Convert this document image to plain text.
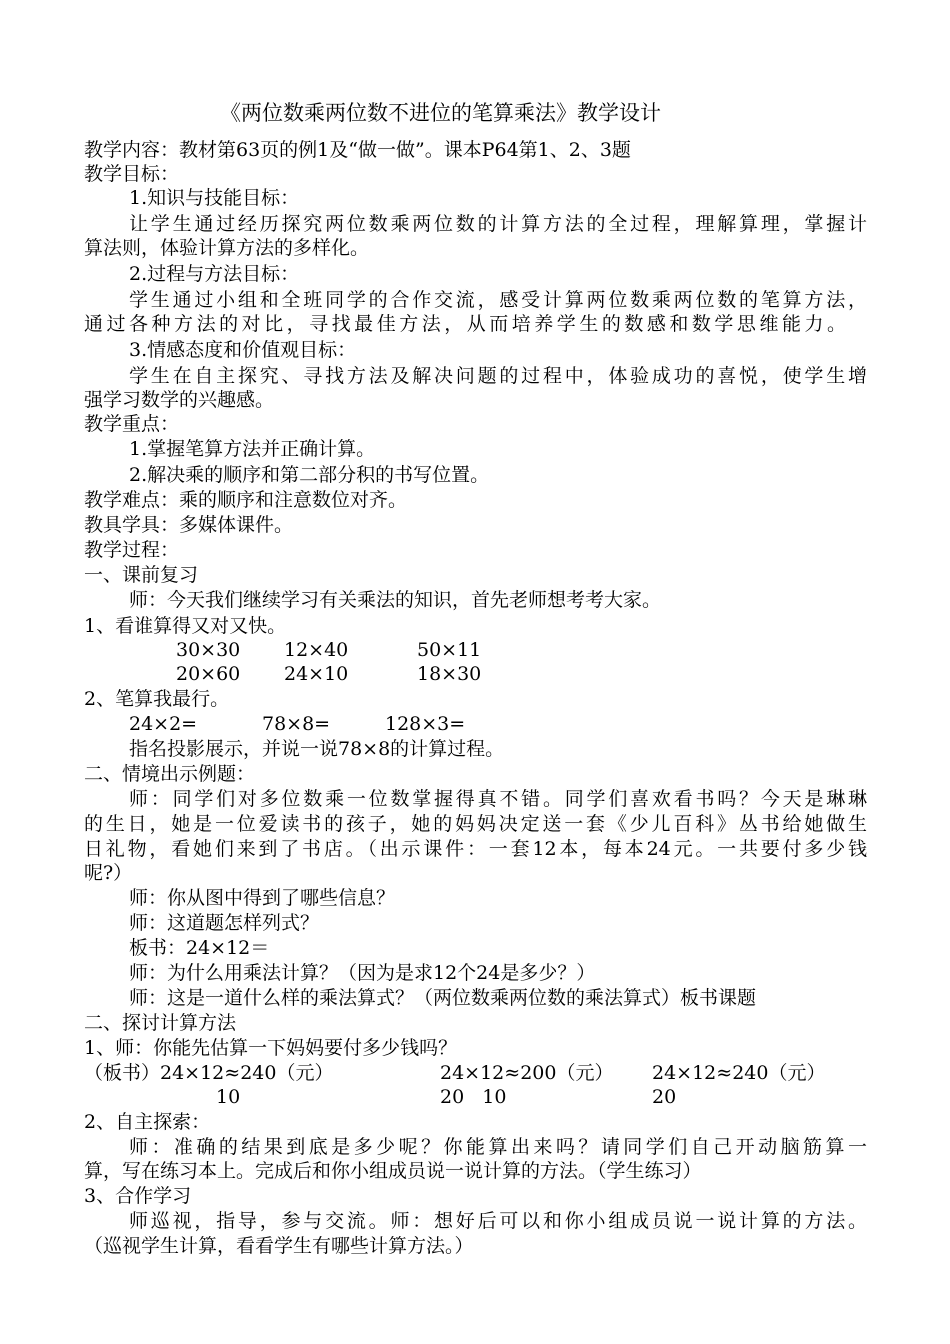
《两位数乘两位数不进位的笔算乘法》教学设计
教学内容：教材第63页的例1及“做一做”。课本P64第1、2、3题
教学目标：
1.知识与技能目标：
让学生通过经历探究两位数乘两位数的计算方法的全过程，理解算理，掌握计
算法则，体验计算方法的多样化。
2.过程与方法目标：
学生通过小组和全班同学的合作交流，感受计算两位数乘两位数的笔算方法，
通过各种方法的对比，寻找最佳方法，从而培养学生的数感和数学思维能力。
3.情感态度和价值观目标：
学生在自主探究、寻找方法及解决问题的过程中，体验成功的喜悦，使学生增
强学习数学的兴趣感。
教学重点：
1.掌握笔算方法并正确计算。
2.解决乘的顺序和第二部分积的书写位置。
教学难点：乘的顺序和注意数位对齐。
教具学具：多媒体课件。
教学过程：
一、课前复习
师：今天我们继续学习有关乘法的知识，首先老师想考考大家。
1、看谁算得又对又快。
30×30 12×40	50×11
20×60 24×10	18×30
2、笔算我最行。
24×2=	78×8=	128×3=
指名投影展示，并说一说78×8的计算过程。
二、情境出示例题：
师：同学们对多位数乘一位数掌握得真不错。同学们喜欢看书吗？今天是琳琳
的生日，她是一位爱读书的孩子，她的妈妈决定送一套《少儿百科》丛书给她做生
日礼物，看她们来到了书店。（出示课件：一套12本，每本24元。一共要付多少钱
呢?）
师：你从图中得到了哪些信息？
师：这道题怎样列式？
板书：24×12＝
师：为什么用乘法计算？（因为是求12个24是多少？）
师：这是一道什么样的乘法算式？（两位数乘两位数的乘法算式）板书课题
二、探讨计算方法
1、师：你能先估算一下妈妈要付多少钱吗？
（板书）24×12≈240（元）	24×12≈200（元） 24×12≈240（元）
10	20   10	20
2、自主探索：
师：准确的结果到底是多少呢？你能算出来吗？请同学们自己开动脑筋算一
算，写在练习本上。完成后和你小组成员说一说计算的方法。（学生练习）
3、合作学习
师巡视，指导，参与交流。师：想好后可以和你小组成员说一说计算的方法。
（巡视学生计算，看看学生有哪些计算方法。）
